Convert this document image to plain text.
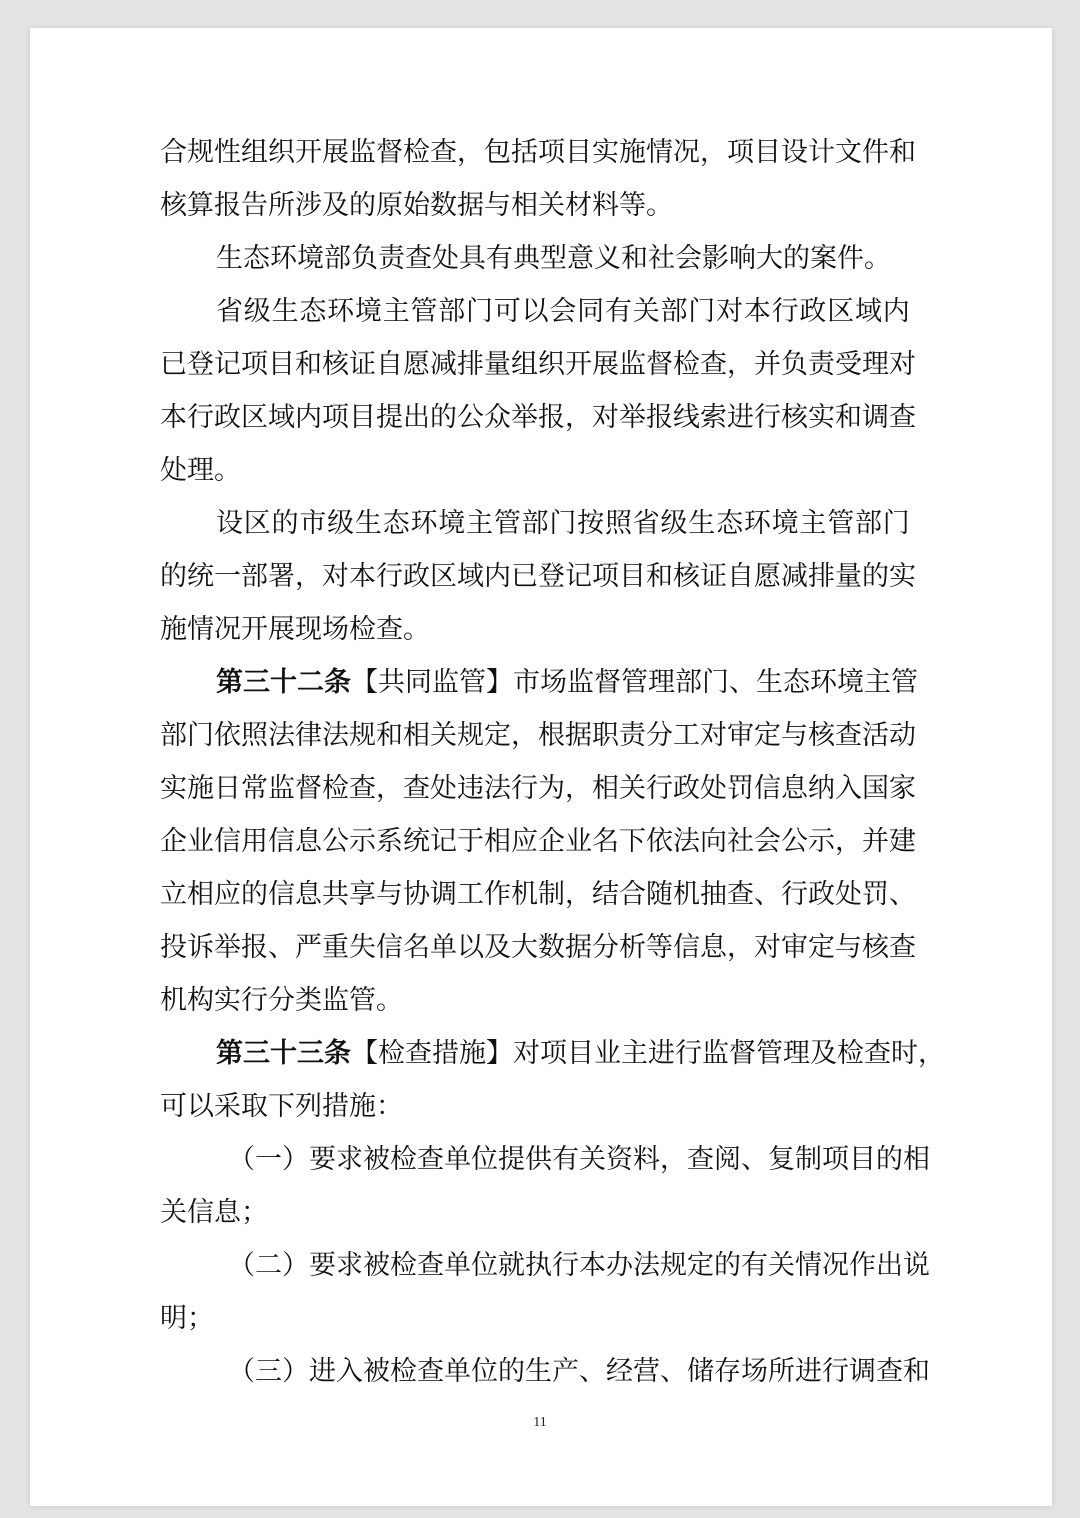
合 规 性 组 织 开 展 监 督 检 查 ， 包 括 项 目 实 施 情 况 ， 项 目 设 计 文 件 和
核算报告所涉及的原始数据与相关材料等。
生态环境部负责查处具有典型意义和社会影响大的案件。
省 级 生 态 环 境 主 管 部 门 可 以 会 同 有 关 部 门 对 本 行 政 区 域 内
已 登 记 项 目 和 核 证 自 愿 减 排 量 组 织 开 展 监 督 检 查 ， 并 负 责 受 理 对
本 行 政 区 域 内 项 目 提 出 的 公 众 举 报 ， 对 举 报 线 索 进 行 核 实 和 调 查
处理。
设 区 的 市 级 生 态 环 境 主 管 部 门 按 照 省 级 生 态 环 境 主 管 部 门
的 统 一 部 署 ， 对 本 行 政 区 域 内 已 登 记 项 目 和 核 证 自 愿 减 排 量 的 实
施情况开展现场检查。
第 三 十 二 条 【 共 同 监 管 】 市 场 监 督 管 理 部 门 、 生 态 环 境 主 管
部 门 依 照 法 律 法 规 和 相 关 规 定 ， 根 据 职 责 分 工 对 审 定 与 核 查 活 动
实 施 日 常 监 督 检 查 ， 查 处 违 法 行 为 ， 相 关 行 政 处 罚 信 息 纳 入 国 家
企 业 信 用 信 息 公 示 系 统 记 于 相 应 企 业 名 下 依 法 向 社 会 公 示 ， 并 建
立 相 应 的 信 息 共 享 与 协 调 工 作 机 制 ， 结 合 随 机 抽 查 、 行 政 处 罚 、
投 诉 举 报 、 严 重 失 信 名 单 以 及 大 数 据 分 析 等 信 息 ， 对 审 定 与 核 查
机构实行分类监管。
第 三 十 三 条 【 检 查 措 施 】 对 项 目 业 主 进 行 监 督 管 理 及 检 查 时 ，
可以采取下列措施：
（ 一 ） 要 求 被 检 查 单 位 提 供 有 关 资 料 ， 查 阅 、 复 制 项 目 的 相
关信息；
（ 二 ） 要 求 被 检 查 单 位 就 执 行 本 办 法 规 定 的 有 关 情 况 作 出 说
明；
（ 三 ） 进 入 被 检 查 单 位 的 生 产 、 经 营 、 储 存 场 所 进 行 调 查 和
11
